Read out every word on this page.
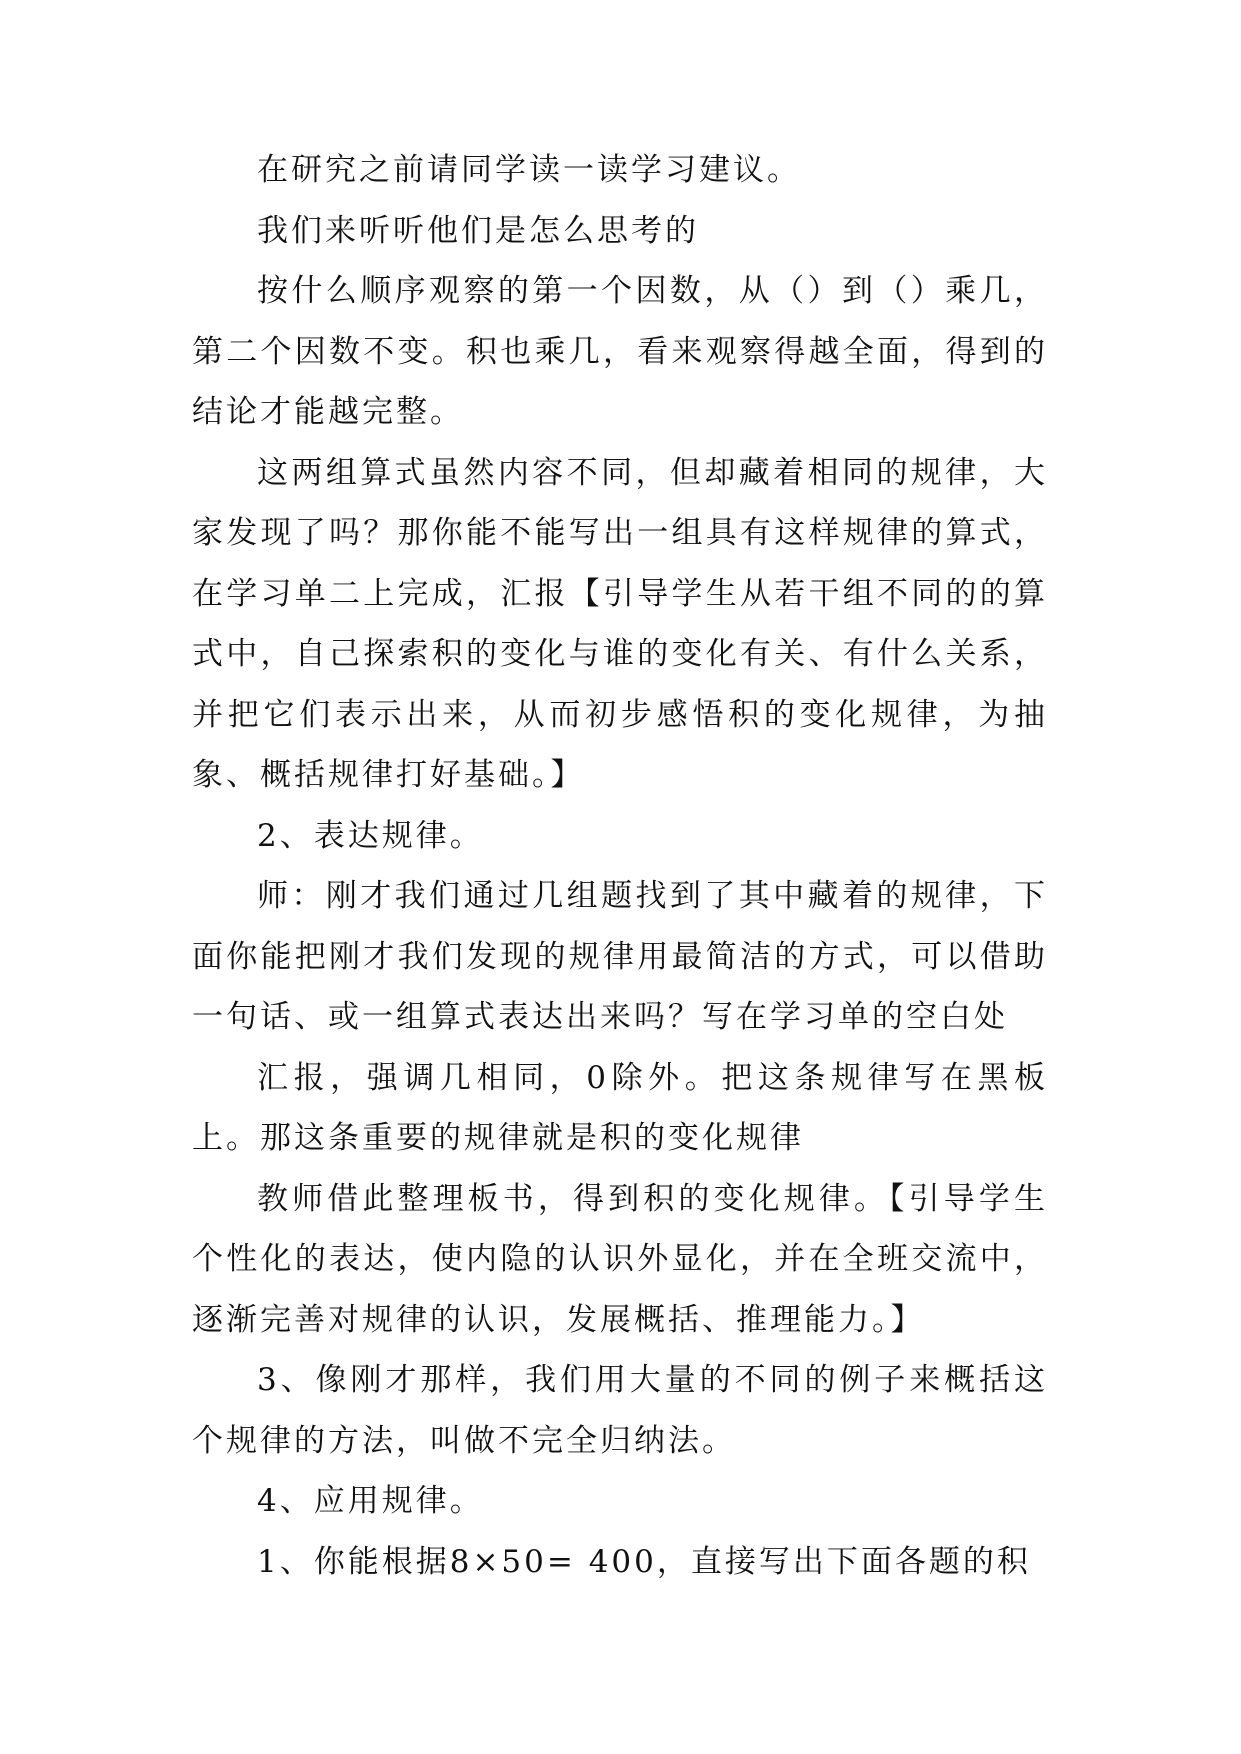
在研究之前请同学读一读学习建议。

我们来听听他们是怎么思考的

按什么顺序观察的第一个因数，从（）到（）乘几，第二个因数不变。积也乘几，看来观察得越全面，得到的结论才能越完整。

这两组算式虽然内容不同，但却藏着相同的规律，大家发现了吗？那你能不能写出一组具有这样规律的算式，在学习单二上完成，汇报【引导学生从若干组不同的的算式中，自己探索积的变化与谁的变化有关、有什么关系，并把它们表示出来，从而初步感悟积的变化规律，为抽象、概括规律打好基础。】

2、表达规律。

师：刚才我们通过几组题找到了其中藏着的规律，下面你能把刚才我们发现的规律用最简洁的方式，可以借助一句话、或一组算式表达出来吗？写在学习单的空白处

汇报，强调几相同，0除外。把这条规律写在黑板上。那这条重要的规律就是积的变化规律

教师借此整理板书，得到积的变化规律。【引导学生个性化的表达，使内隐的认识外显化，并在全班交流中，逐渐完善对规律的认识，发展概括、推理能力。】

3、像刚才那样，我们用大量的不同的例子来概括这个规律的方法，叫做不完全归纳法。

4、应用规律。

1、你能根据8×50= 400，直接写出下面各题的积
